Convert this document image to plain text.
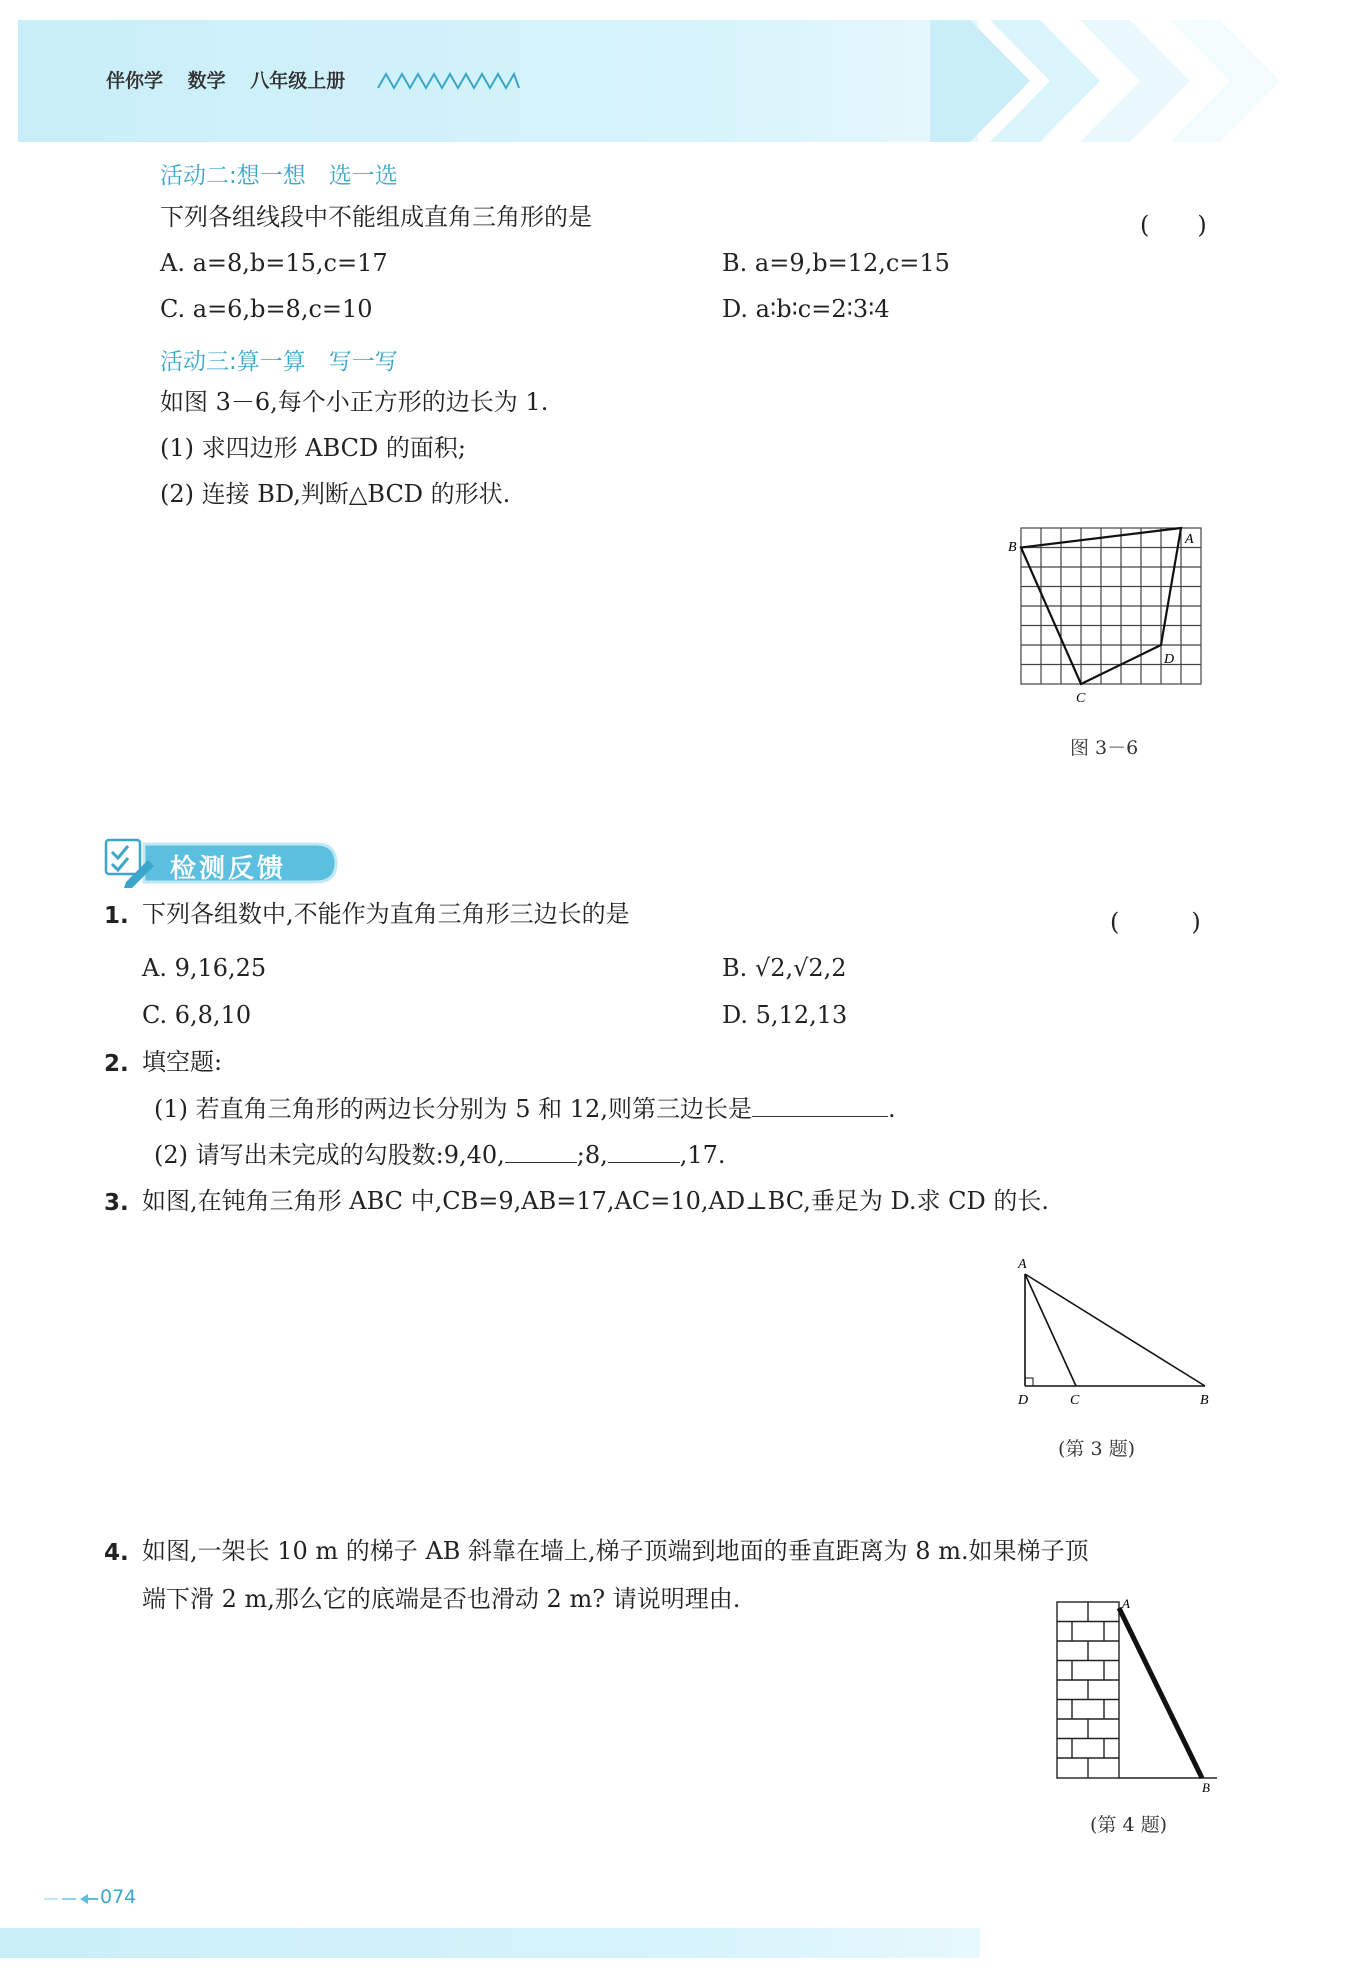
伴你学 数学 八年级上册
活动二:想一想　选一选
下列各组线段中不能组成直角三角形的是	(　　)
A. a=8,b=15,c=17	B. a=9,b=12,c=15
C. a=6,b=8,c=10	D. a∶b∶c=2∶3∶4
活动三:算一算　写一写
如图 3－6,每个小正方形的边长为 1.
(1) 求四边形 ABCD 的面积;
(2) 连接 BD,判断△BCD 的形状.
A
B
C
D
图 3－6
检测反馈
1. 下列各组数中,不能作为直角三角形三边长的是	(　　　)
A. 9,16,25	B. √2,√2,2
C. 6,8,10	D. 5,12,13
2. 填空题:
(1) 若直角三角形的两边长分别为 5 和 12,则第三边长是	.
(2) 请写出未完成的勾股数:9,40,	;8,	,17.
3. 如图,在钝角三角形 ABC 中,CB=9,AB=17,AC=10,AD⊥BC,垂足为 D.求 CD 的长.
A
D	C	B
(第 3 题)
4. 如图,一架长 10 m 的梯子 AB 斜靠在墙上,梯子顶端到地面的垂直距离为 8 m.如果梯子顶
端下滑 2 m,那么它的底端是否也滑动 2 m? 请说明理由.	A
B
(第 4 题)
074
